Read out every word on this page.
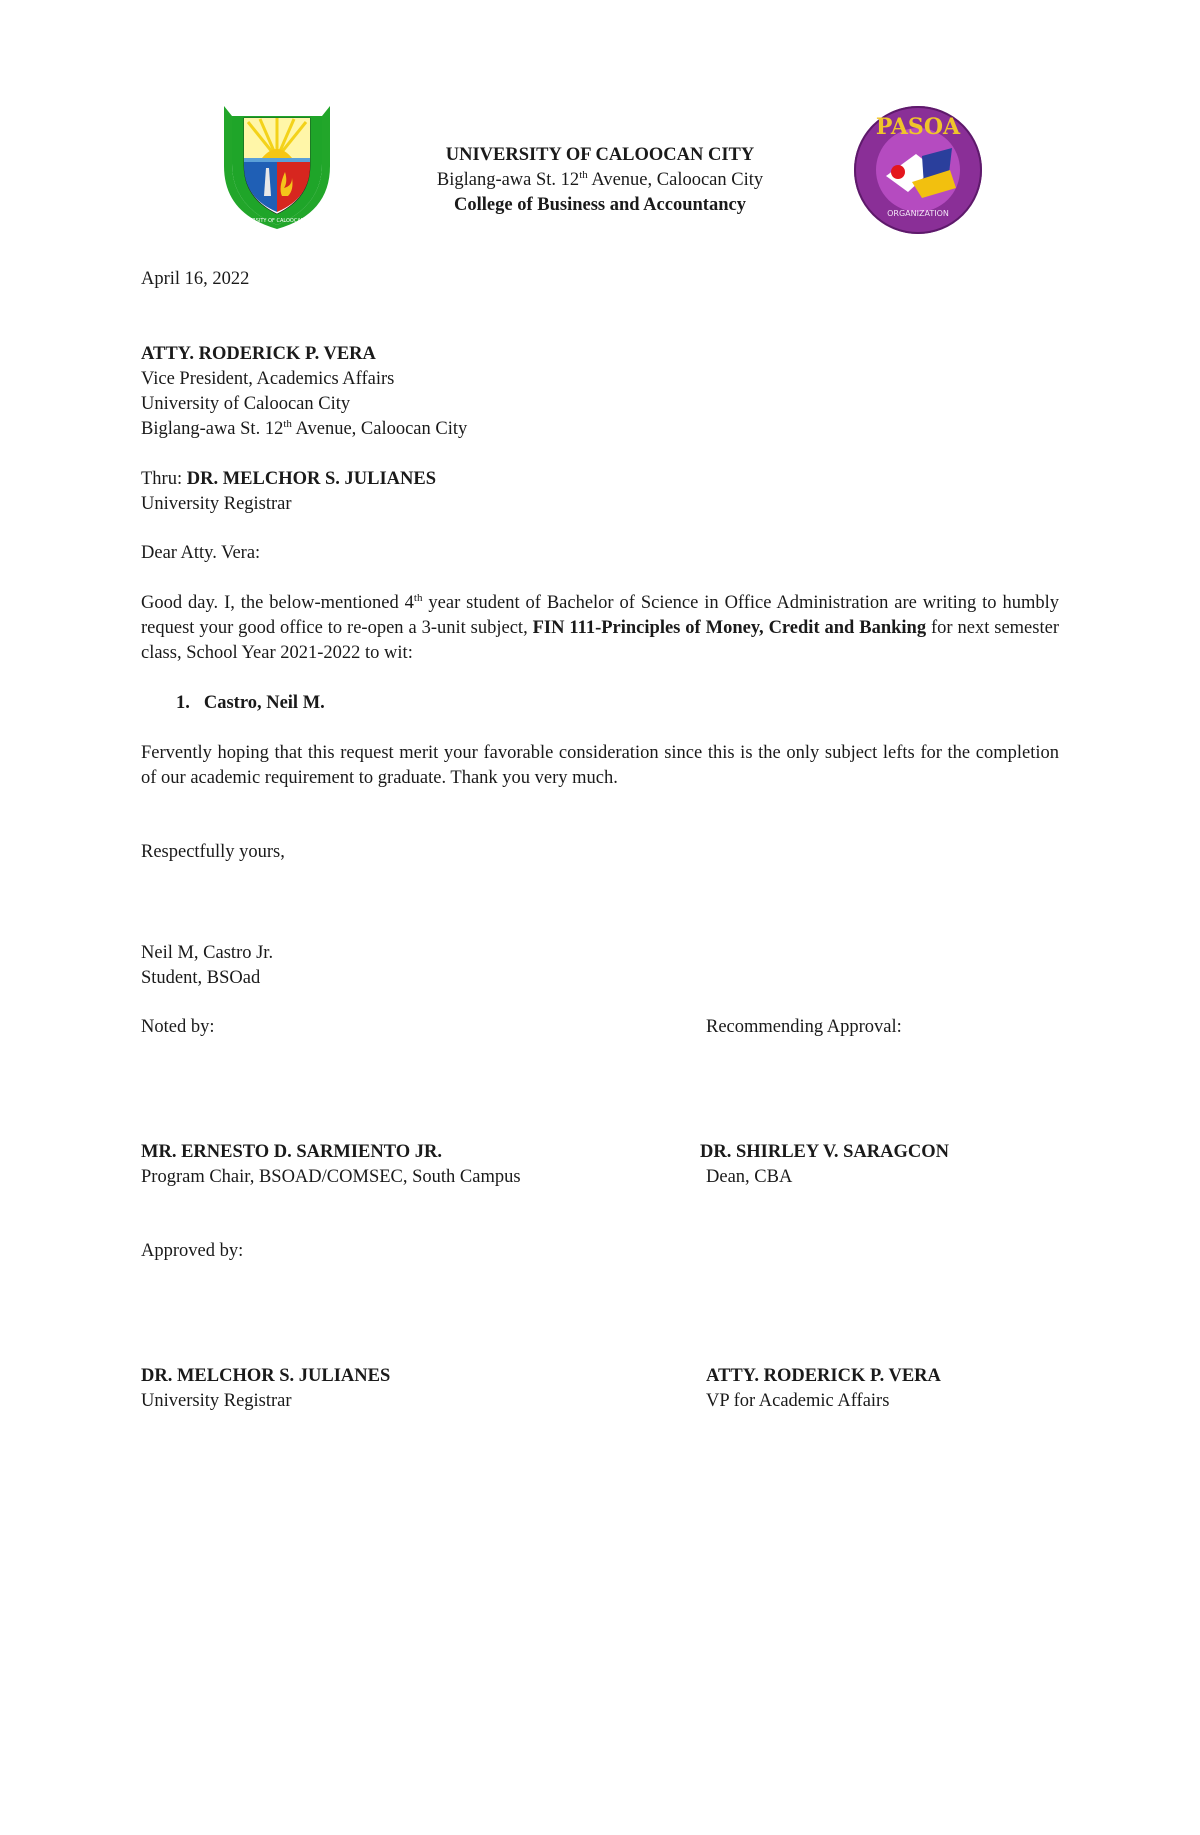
UNIVERSITY OF CALOOCAN CITY
UNIVERSITY OF CALOOCAN CITY
Biglang-awa St. 12th Avenue, Caloocan City
College of Business and Accountancy
PASOA
ORGANIZATION
April 16, 2022
ATTY. RODERICK P. VERA
Vice President, Academics Affairs
University of Caloocan City
Biglang-awa St. 12th Avenue, Caloocan City
Thru: DR. MELCHOR S. JULIANES
University Registrar
Dear Atty. Vera:
Good day. I, the below-mentioned 4th year student of Bachelor of Science in Office Administration are writing to humbly request your good office to re-open a 3-unit subject, FIN 111-Principles of Money, Credit and Banking for next semester class, School Year 2021-2022 to wit:
1. Castro, Neil M.
Fervently hoping that this request merit your favorable consideration since this is the only subject lefts for the completion of our academic requirement to graduate. Thank you very much.
Respectfully yours,
Neil M, Castro Jr.
Student, BSOad
Noted by:	Recommending Approval:
MR. ERNESTO D. SARMIENTO JR.
Program Chair, BSOAD/COMSEC, South Campus
DR. SHIRLEY V. SARAGCON
Dean, CBA
Approved by:
DR. MELCHOR S. JULIANES
University Registrar
ATTY. RODERICK P. VERA
VP for Academic Affairs
